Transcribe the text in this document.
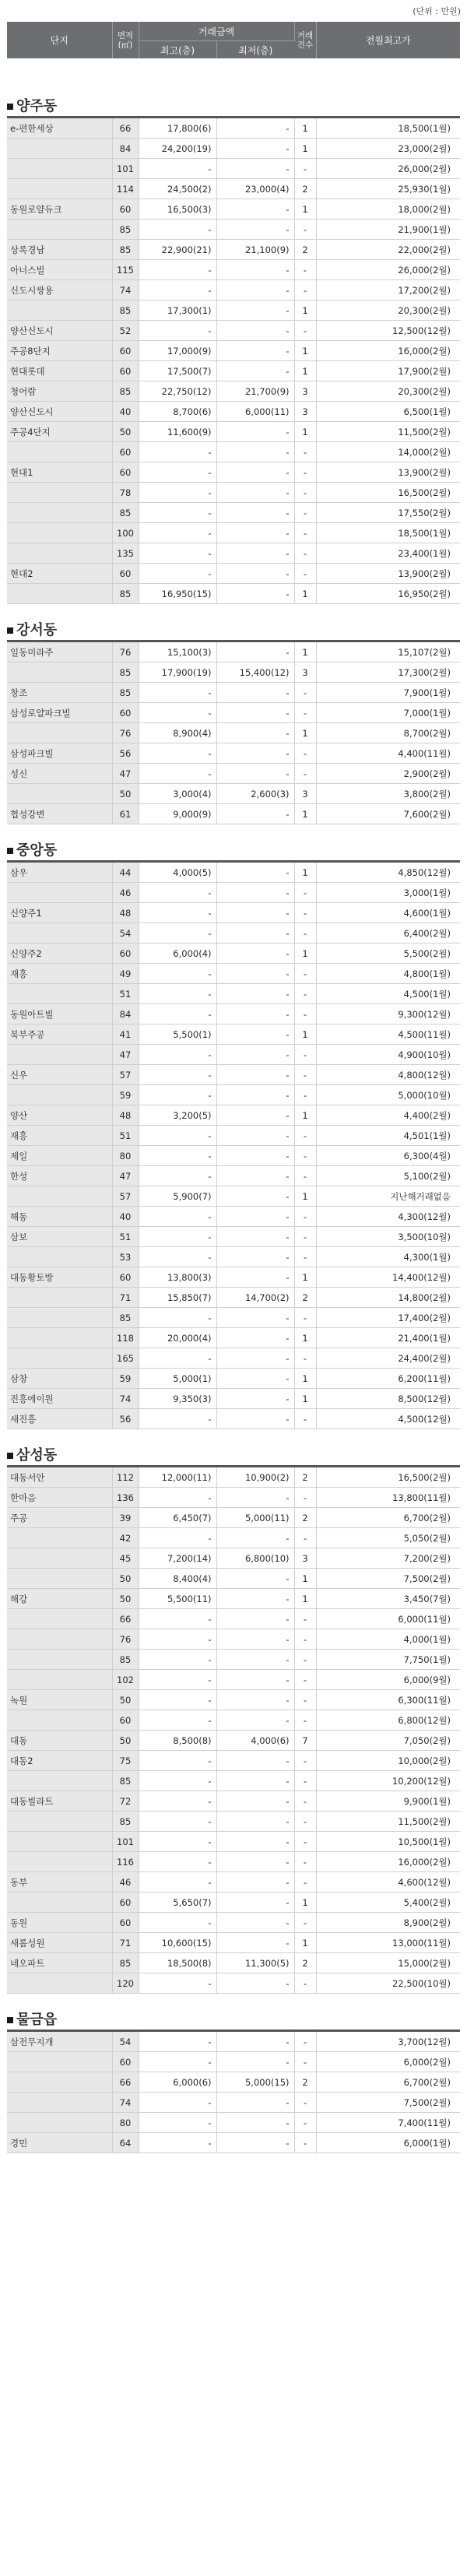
(단위 : 만원)
단지	면적
(㎡)	거래금액		거래
건수	전월최고가
		최고(층)	최저(층)		

양주동					

e-편한세상	66	17,800(6)	-	1	18,500(1월)
	84	24,200(19)	-	1	23,000(2월)
	101	-	-	-	26,000(2월)
	114	24,500(2)	23,000(4)	2	25,930(1월)
동원로얄듀크	60	16,500(3)	-	1	18,000(2월)
	85	-	-	-	21,900(1월)
상록경남	85	22,900(21)	21,100(9)	2	22,000(2월)
아너스빌	115	-	-	-	26,000(2월)
신도시쌍용	74	-	-	-	17,200(2월)
	85	17,300(1)	-	1	20,300(2월)
양산신도시	52	-	-	-	12,500(12월)
주공8단지	60	17,000(9)	-	1	16,000(2월)
현대롯데	60	17,500(7)	-	1	17,900(2월)
청어람	85	22,750(12)	21,700(9)	3	20,300(2월)
양산신도시	40	8,700(6)	6,000(11)	3	6,500(1월)
주공4단지	50	11,600(9)	-	1	11,500(2월)
	60	-	-	-	14,000(2월)
현대1	60	-	-	-	13,900(2월)
	78	-	-	-	16,500(2월)
	85	-	-	-	17,550(2월)
	100	-	-	-	18,500(1월)
	135	-	-	-	23,400(1월)
현대2	60	-	-	-	13,900(2월)
	85	16,950(15)	-	1	16,950(2월)

강서동					

일동미라주	76	15,100(3)	-	1	15,107(2월)
	85	17,900(19)	15,400(12)	3	17,300(2월)
창조	85	-	-	-	7,900(1월)
삼성로얄파크빌	60	-	-	-	7,000(1월)
	76	8,900(4)	-	1	8,700(2월)
삼성파크빌	56	-	-	-	4,400(11월)
성신	47	-	-	-	2,900(2월)
	50	3,000(4)	2,600(3)	3	3,800(2월)
협성강변	61	9,000(9)	-	1	7,600(2월)

중앙동					

삼우	44	4,000(5)	-	1	4,850(12월)
	46	-	-	-	3,000(1월)
신양주1	48	-	-	-	4,600(1월)
	54	-	-	-	6,400(2월)
신양주2	60	6,000(4)	-	1	5,500(2월)
재흥	49	-	-	-	4,800(1월)
	51	-	-	-	4,500(1월)
동원아트빌	84	-	-	-	9,300(12월)
북부주공	41	5,500(1)	-	1	4,500(11월)
	47	-	-	-	4,900(10월)
신우	57	-	-	-	4,800(12월)
	59	-	-	-	5,000(10월)
양산	48	3,200(5)	-	1	4,400(2월)
재흥	51	-	-	-	4,501(1월)
제일	80	-	-	-	6,300(4월)
한성	47	-	-	-	5,100(2월)
	57	5,900(7)	-	1	지난해거래없음
해동	40	-	-	-	4,300(12월)
삼보	51	-	-	-	3,500(10월)
	53	-	-	-	4,300(1월)
대동황토방	60	13,800(3)	-	1	14,400(12월)
	71	15,850(7)	14,700(2)	2	14,800(2월)
	85	-	-	-	17,400(2월)
	118	20,000(4)	-	1	21,400(1월)
	165	-	-	-	24,400(2월)
삼창	59	5,000(1)	-	1	6,200(11월)
진흥에이원	74	9,350(3)	-	1	8,500(12월)
새진흥	56	-	-	-	4,500(12월)

삼성동					

대동서안	112	12,000(11)	10,900(2)	2	16,500(2월)
한마음	136	-	-	-	13,800(11월)
주공	39	6,450(7)	5,000(11)	2	6,700(2월)
	42	-	-	-	5,050(2월)
	45	7,200(14)	6,800(10)	3	7,200(2월)
	50	8,400(4)	-	1	7,500(2월)
해강	50	5,500(11)	-	1	3,450(7월)
	66	-	-	-	6,000(11월)
	76	-	-	-	4,000(1월)
	85	-	-	-	7,750(1월)
	102	-	-	-	6,000(9월)
녹원	50	-	-	-	6,300(11월)
	60	-	-	-	6,800(12월)
대동	50	8,500(8)	4,000(6)	7	7,050(2월)
대동2	75	-	-	-	10,000(2월)
	85	-	-	-	10,200(12월)
대동빌라트	72	-	-	-	9,900(1월)
	85	-	-	-	11,500(2월)
	101	-	-	-	10,500(1월)
	116	-	-	-	16,000(2월)
동부	46	-	-	-	4,600(12월)
	60	5,650(7)	-	1	5,400(2월)
동원	60	-	-	-	8,900(2월)
새롬성원	71	10,600(15)	-	1	13,000(11월)
네오파트	85	18,500(8)	11,300(5)	2	15,000(2월)
	120	-	-	-	22,500(10월)

물금읍					

삼전무지개	54	-	-	-	3,700(12월)
	60	-	-	-	6,000(2월)
	66	6,000(6)	5,000(15)	2	6,700(2월)
	74	-	-	-	7,500(2월)
	80	-	-	-	7,400(11월)
경민	64	-	-	-	6,000(1월)
